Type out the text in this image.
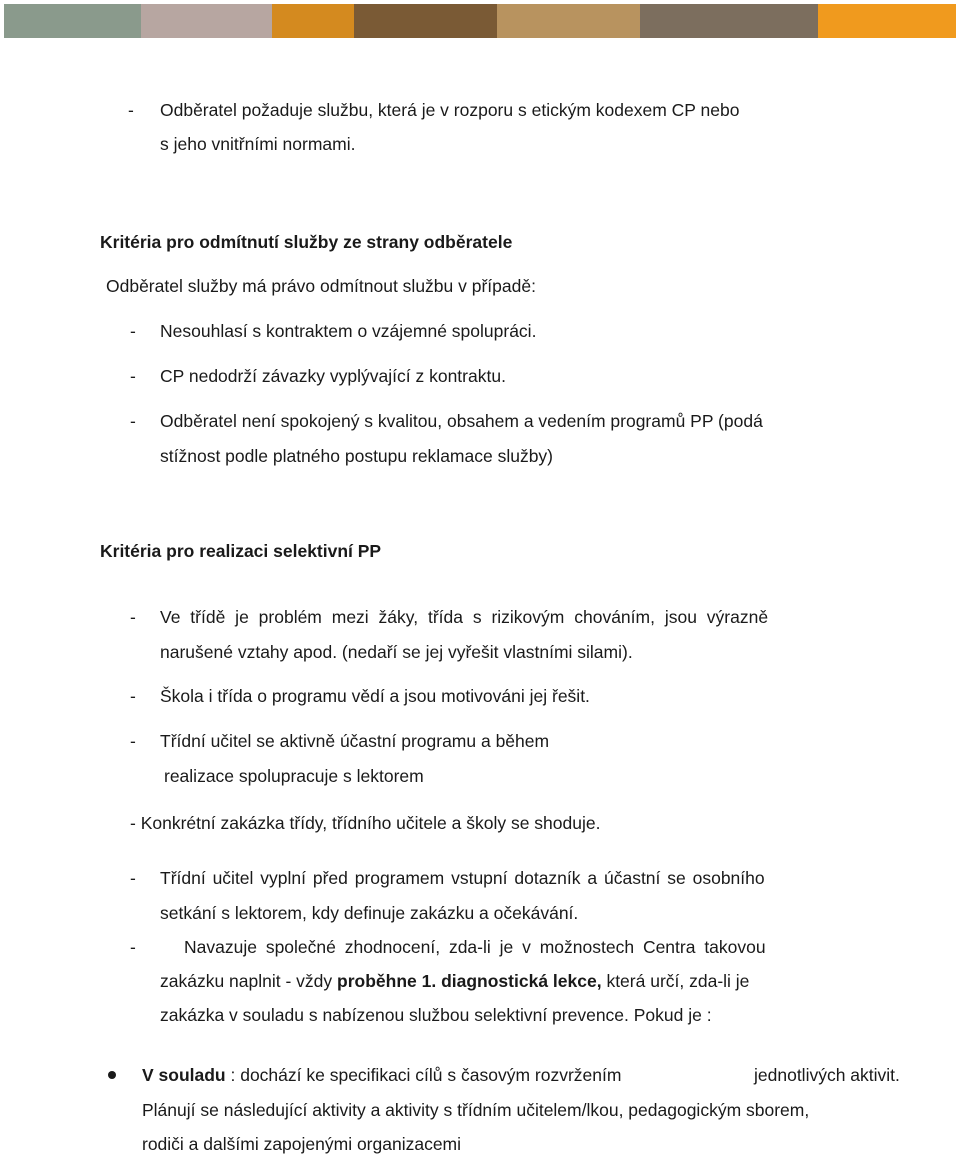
- Odběratel požaduje službu, která je v rozporu s etickým kodexem CP nebo
s jeho vnitřními normami.
Kritéria pro odmítnutí služby ze strany odběratele
Odběratel služby má právo odmítnout službu v případě:
- Nesouhlasí s kontraktem o vzájemné spolupráci.
- CP nedodrží závazky vyplývající z kontraktu.
- Odběratel není spokojený s kvalitou, obsahem a vedením programů PP (podá
stížnost podle platného postupu reklamace služby)
Kritéria pro realizaci selektivní PP
- Ve třídě je problém mezi žáky, třída s rizikovým chováním, jsou výrazně
narušené vztahy apod. (nedaří se jej vyřešit vlastními silami).
- Škola i třída o programu vědí a jsou motivováni jej řešit.
- Třídní učitel se aktivně účastní programu a během
realizace spolupracuje s lektorem
- Konkrétní zakázka třídy, třídního učitele a školy se shoduje.
- Třídní učitel vyplní před programem vstupní dotazník a účastní se osobního
setkání s lektorem, kdy definuje zakázku a očekávání.
-	Navazuje společné zhodnocení, zda-li je v možnostech Centra takovou
zakázku naplnit - vždy proběhne 1. diagnostická lekce, která určí, zda-li je
zakázka v souladu s nabízenou službou selektivní prevence. Pokud je :
V souladu : dochází ke specifikaci cílů s časovým rozvržením	jednotlivých aktivit.
Plánují se následující aktivity a aktivity s třídním učitelem/lkou, pedagogickým sborem,
rodiči a dalšími zapojenými organizacemi
